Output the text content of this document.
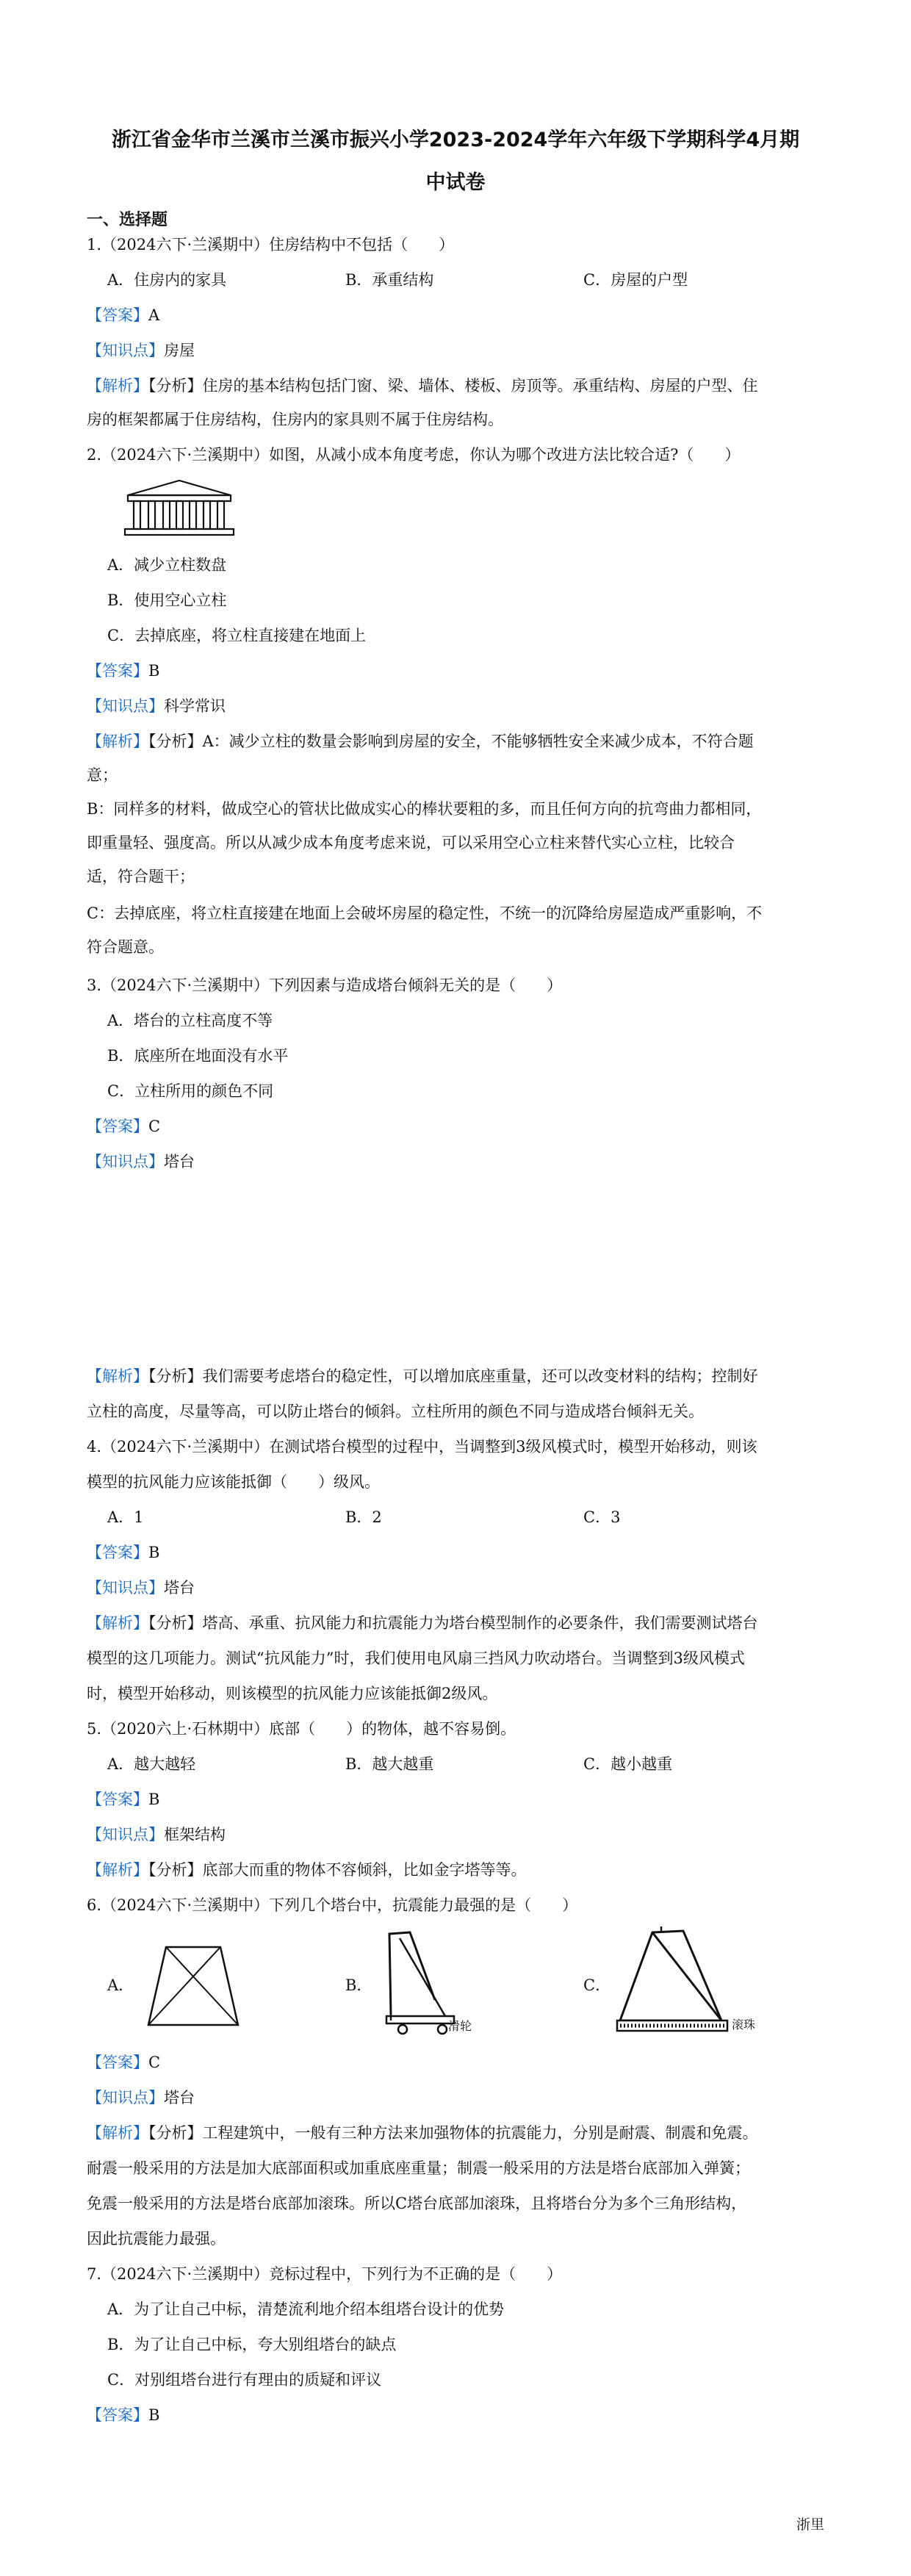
浙江省金华市兰溪市兰溪市振兴小学2023-2024学年六年级下学期科学4月期
中试卷
一、选择题
1.（2024六下·兰溪期中）住房结构中不包括（　　）
A．住房内的家具	B．承重结构	C．房屋的户型
【答案】A
【知识点】房屋
【解析】【分析】住房的基本结构包括门窗、梁、墙体、楼板、房顶等。承重结构、房屋的户型、住
房的框架都属于住房结构，住房内的家具则不属于住房结构。
2.（2024六下·兰溪期中）如图，从减小成本角度考虑，你认为哪个改进方法比较合适?（　　）
A．减少立柱数盘
B．使用空心立柱
C．去掉底座，将立柱直接建在地面上
【答案】B
【知识点】科学常识
【解析】【分析】A：减少立柱的数量会影响到房屋的安全，不能够牺牲安全来减少成本，不符合题
意；
B：同样多的材料，做成空心的管状比做成实心的棒状要粗的多，而且任何方向的抗弯曲力都相同，
即重量轻、强度高。所以从减少成本角度考虑来说，可以采用空心立柱来替代实心立柱，比较合
适，符合题干；
C：去掉底座，将立柱直接建在地面上会破坏房屋的稳定性，不统一的沉降给房屋造成严重影响，不
符合题意。
3.（2024六下·兰溪期中）下列因素与造成塔台倾斜无关的是（　　）
A．塔台的立柱高度不等
B．底座所在地面没有水平
C．立柱所用的颜色不同
【答案】C
【知识点】塔台
【解析】【分析】我们需要考虑塔台的稳定性，可以增加底座重量，还可以改变材料的结构；控制好
立柱的高度，尽量等高，可以防止塔台的倾斜。立柱所用的颜色不同与造成塔台倾斜无关。
4.（2024六下·兰溪期中）在测试塔台模型的过程中，当调整到3级风模式时，模型开始移动，则该
模型的抗风能力应该能抵御（　　）级风。
A．1	B．2	C．3
【答案】B
【知识点】塔台
【解析】【分析】塔高、承重、抗风能力和抗震能力为塔台模型制作的必要条件，我们需要测试塔台
模型的这几项能力。测试“抗风能力”时，我们使用电风扇三挡风力吹动塔台。当调整到3级风模式
时，模型开始移动，则该模型的抗风能力应该能抵御2级风。
5.（2020六上·石林期中）底部（　　）的物体，越不容易倒。
A．越大越轻	B．越大越重	C．越小越重
【答案】B
【知识点】框架结构
【解析】【分析】底部大而重的物体不容倾斜，比如金字塔等等。
6.（2024六下·兰溪期中）下列几个塔台中，抗震能力最强的是（　　）
A．	B．
滑轮
C．
滚珠
【答案】C
【知识点】塔台
【解析】【分析】工程建筑中，一般有三种方法来加强物体的抗震能力，分别是耐震、制震和免震。
耐震一般采用的方法是加大底部面积或加重底座重量；制震一般采用的方法是塔台底部加入弹簧；
免震一般采用的方法是塔台底部加滚珠。所以C塔台底部加滚珠，且将塔台分为多个三角形结构，
因此抗震能力最强。
7.（2024六下·兰溪期中）竞标过程中，下列行为不正确的是（　　）
A．为了让自己中标，清楚流利地介绍本组塔台设计的优势
B．为了让自己中标，夸大别组塔台的缺点
C．对别组塔台进行有理由的质疑和评议
【答案】B
浙里
